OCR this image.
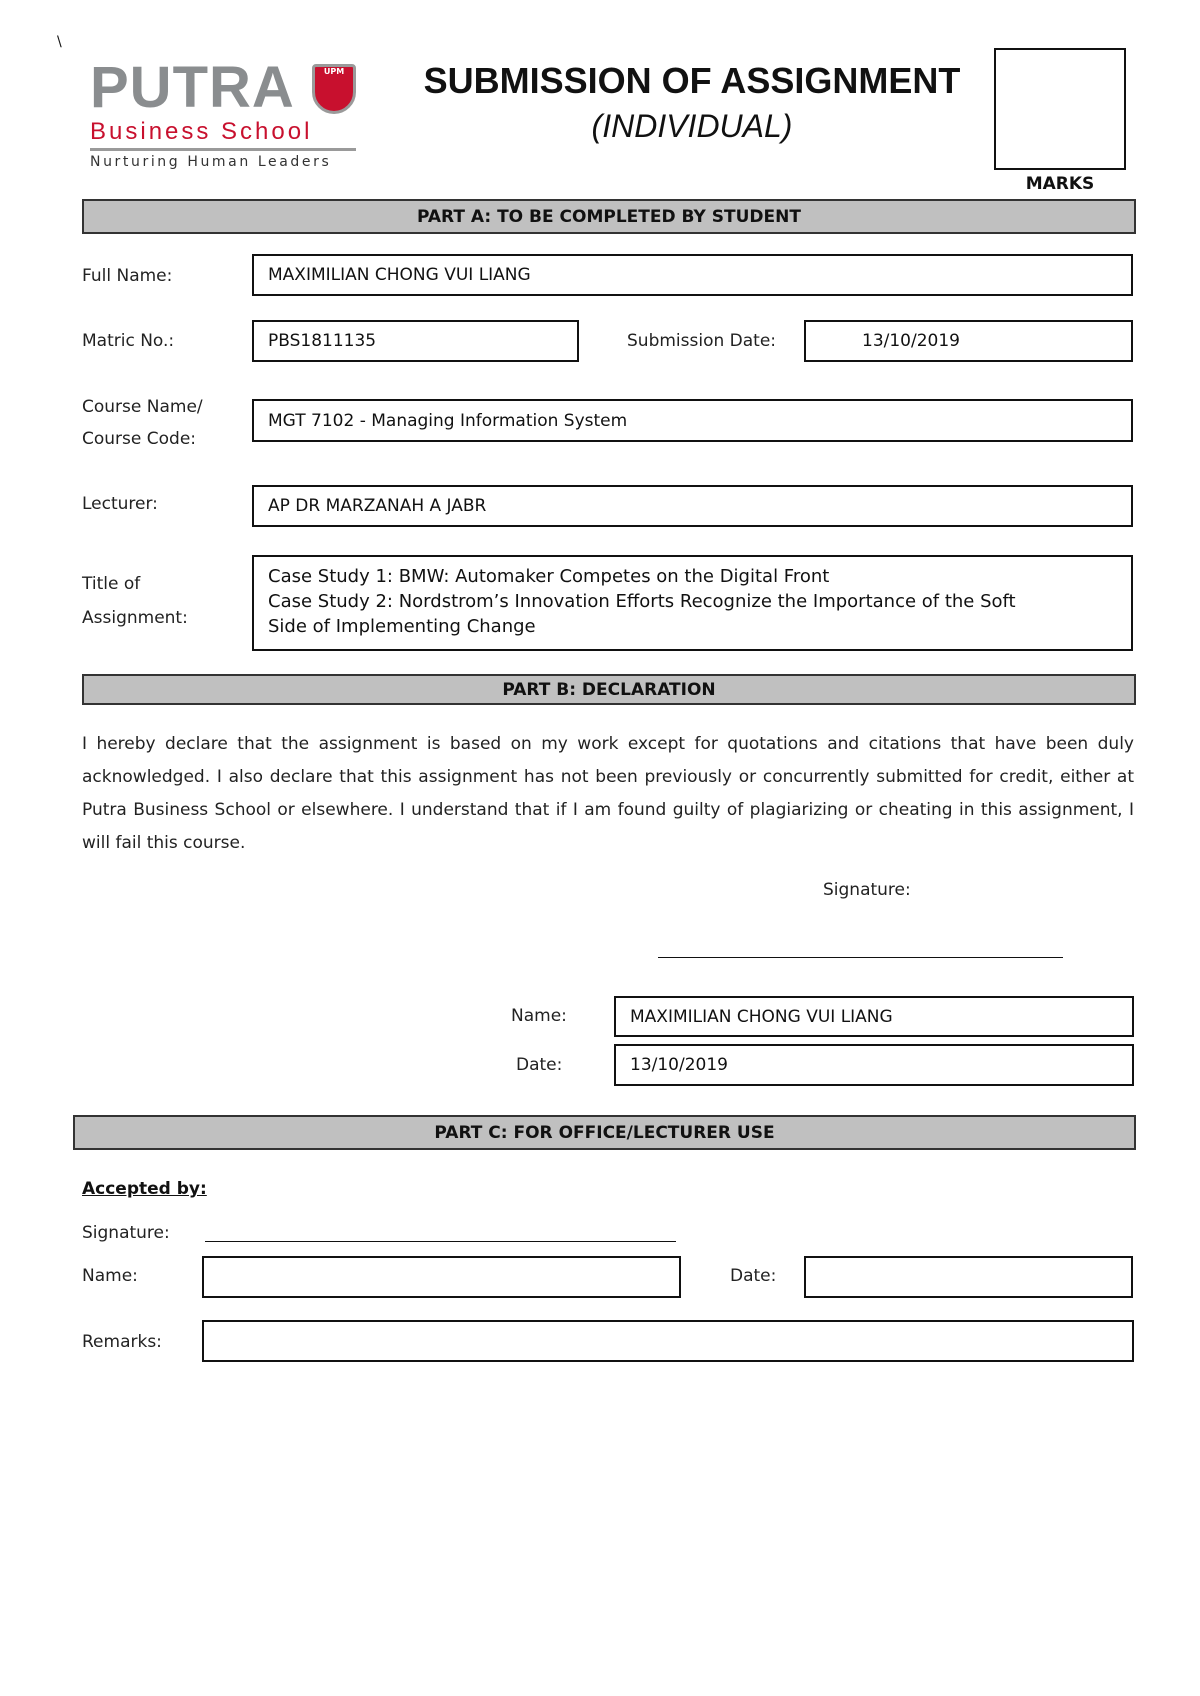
\
PUTRA	UPM
Business School
Nurturing Human Leaders
SUBMISSION OF ASSIGNMENT
(INDIVIDUAL)
MARKS
PART A: TO BE COMPLETED BY STUDENT
Full Name:	MAXIMILIAN CHONG VUI LIANG
Matric No.:	PBS1811135	Submission Date:	13/10/2019
Course Name/
Course Code:
MGT 7102 - Managing Information System
Lecturer:	AP DR MARZANAH A JABR
Title of
Assignment:
Case Study 1: BMW: Automaker Competes on the Digital Front
Case Study 2: Nordstrom’s Innovation Efforts Recognize the Importance of the Soft
Side of Implementing Change
PART B: DECLARATION
I hereby declare that the assignment is based on my work except for quotations and citations that have been duly acknowledged. I also declare that this assignment has not been previously or concurrently submitted for credit, either at Putra Business School or elsewhere. I understand that if I am found guilty of plagiarizing or cheating in this assignment, I will fail this course.
Signature:
Name:	MAXIMILIAN CHONG VUI LIANG
Date:	13/10/2019
PART C: FOR OFFICE/LECTURER USE
Accepted by:
Signature:
Name:	Date:
Remarks:
